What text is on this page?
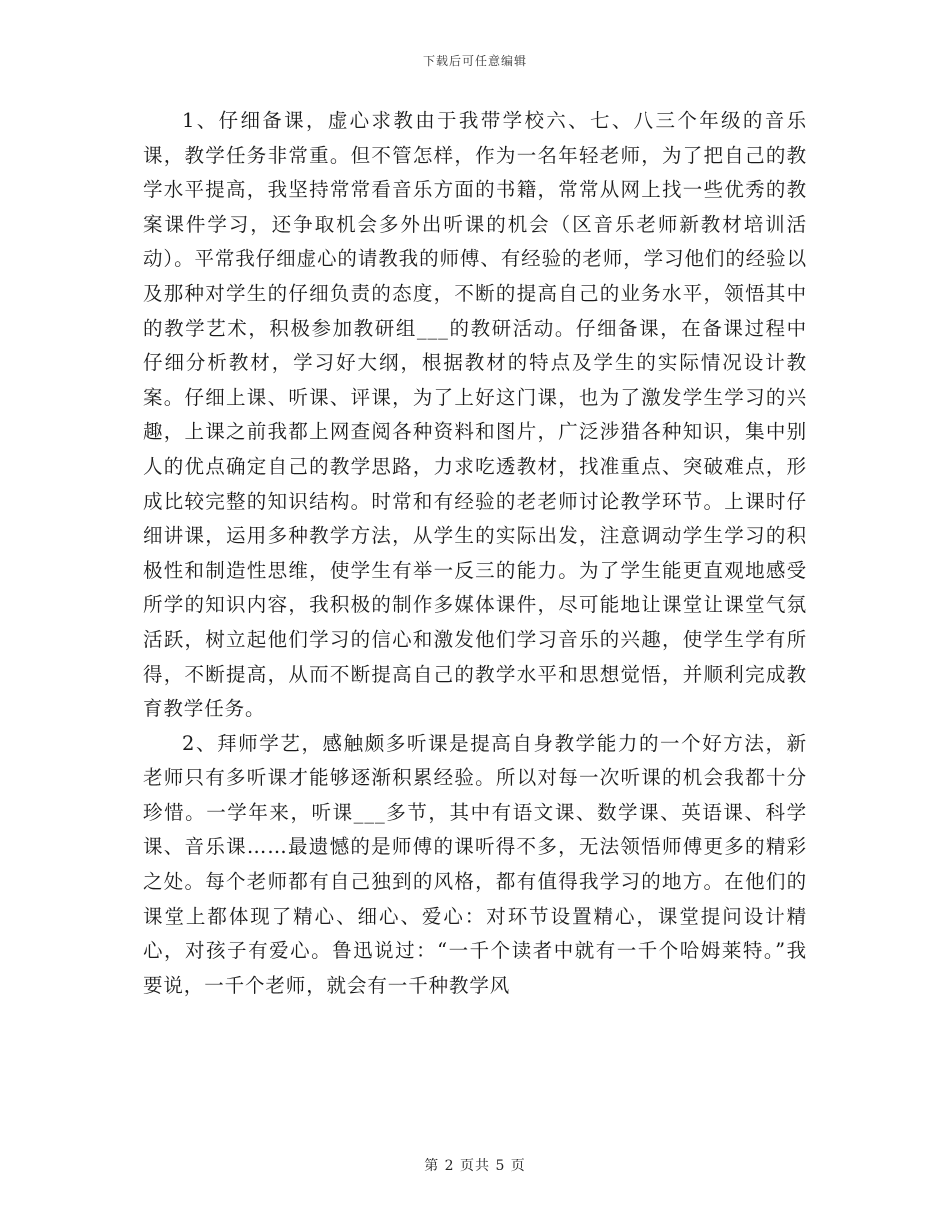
下载后可任意编辑

1、仔细备课，虚心求教由于我带学校六、七、八三个年级的音乐课，教学任务非常重。但不管怎样，作为一名年轻老师，为了把自己的教学水平提高，我坚持常常看音乐方面的书籍，常常从网上找一些优秀的教案课件学习，还争取机会多外出听课的机会（区音乐老师新教材培训活动）。平常我仔细虚心的请教我的师傅、有经验的老师，学习他们的经验以及那种对学生的仔细负责的态度，不断的提高自己的业务水平，领悟其中的教学艺术，积极参加教研组___的教研活动。仔细备课，在备课过程中仔细分析教材，学习好大纲，根据教材的特点及学生的实际情况设计教案。仔细上课、听课、评课，为了上好这门课，也为了激发学生学习的兴趣，上课之前我都上网查阅各种资料和图片，广泛涉猎各种知识，集中别人的优点确定自己的教学思路，力求吃透教材，找准重点、突破难点，形成比较完整的知识结构。时常和有经验的老老师讨论教学环节。上课时仔细讲课，运用多种教学方法，从学生的实际出发，注意调动学生学习的积极性和制造性思维，使学生有举一反三的能力。为了学生能更直观地感受所学的知识内容，我积极的制作多媒体课件，尽可能地让课堂让课堂气氛活跃，树立起他们学习的信心和激发他们学习音乐的兴趣，使学生学有所得，不断提高，从而不断提高自己的教学水平和思想觉悟，并顺利完成教育教学任务。

2、拜师学艺，感触颇多听课是提高自身教学能力的一个好方法，新老师只有多听课才能够逐渐积累经验。所以对每一次听课的机会我都十分珍惜。一学年来，听课___多节，其中有语文课、数学课、英语课、科学课、音乐课……最遗憾的是师傅的课听得不多，无法领悟师傅更多的精彩之处。每个老师都有自己独到的风格，都有值得我学习的地方。在他们的课堂上都体现了精心、细心、爱心：对环节设置精心，课堂提问设计精心，对孩子有爱心。鲁迅说过：“一千个读者中就有一千个哈姆莱特。”我要说，一千个老师，就会有一千种教学风

第 2 页共 5 页
